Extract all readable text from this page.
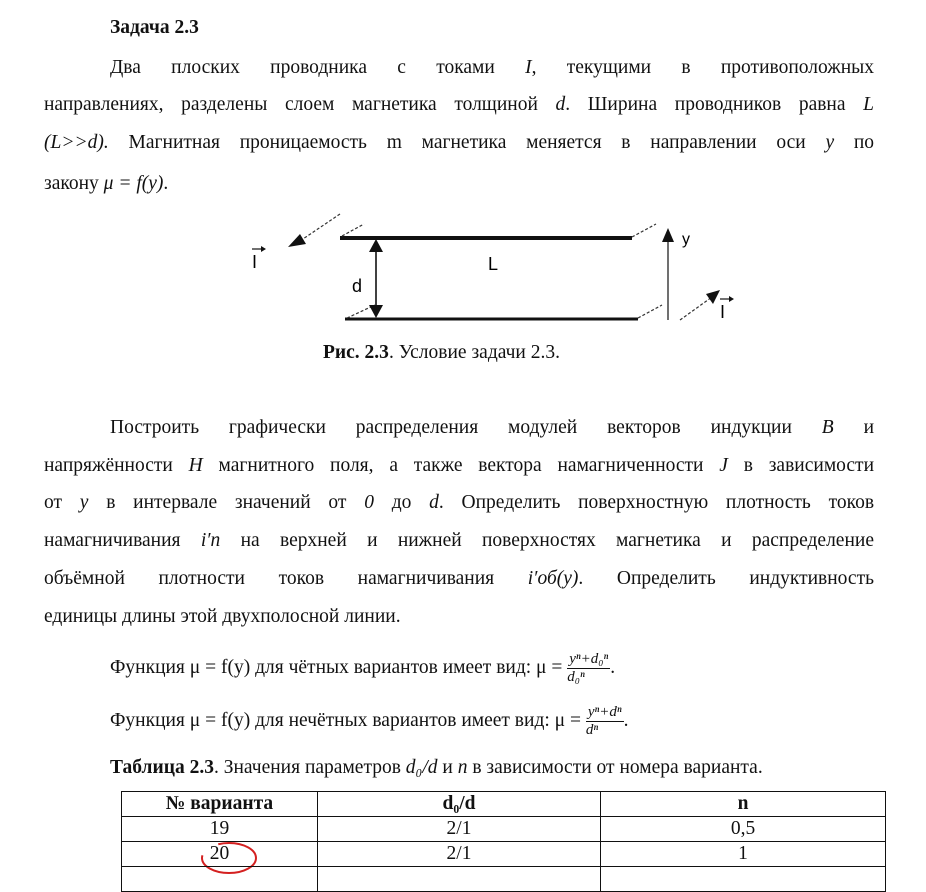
Задача 2.3
Два плоских проводника с токами I, текущими в противоположных
направлениях, разделены слоем магнетика толщиной d. Ширина проводников равна L
(L>>d). Магнитная проницаемость m магнетика меняется в направлении оси y по
закону μ = f(y).
I
I
L
d
y
Рис. 2.3. Условие задачи 2.3.
Построить графически распределения модулей векторов индукции B и
напряжённости H магнитного поля, а также вектора намагниченности J в зависимости
от y в интервале значений от 0 до d. Определить поверхностную плотность токов
намагничивания i′п на верхней и нижней поверхностях магнетика и распределение
объёмной плотности токов намагничивания i′об(y). Определить индуктивность
единицы длины этой двухполосной линии.
Функция μ = f(y) для чётных вариантов имеет вид: $\mu = \frac{\text{yⁿ+d₀ⁿ}}{\text{d₀ⁿ}}$ .
Функция μ = f(y) для нечётных вариантов имеет вид: $\mu = \frac{\text{yⁿ+dⁿ}}{\text{dⁿ}}$ .
Таблица 2.3. Значения параметров d₀/d и n в зависимости от номера варианта.
№ варианта	d₀/d	n
19	2/1	0,5
20	2/1	1
